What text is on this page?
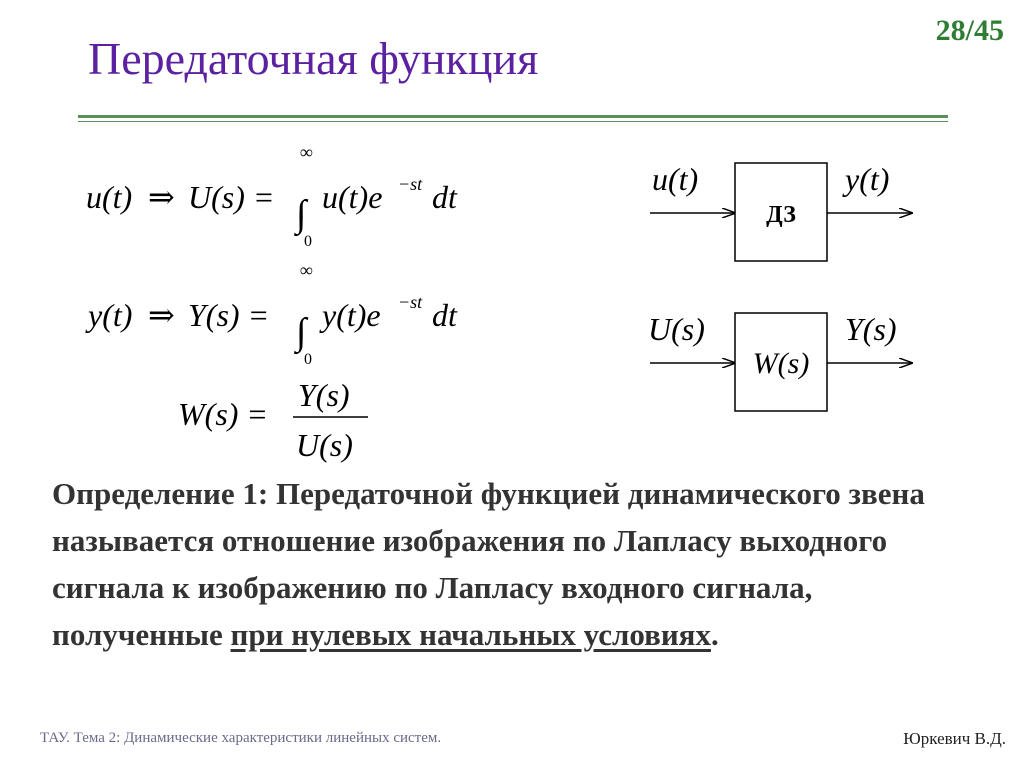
Передаточная функция
28/45
u(t) ⇒ U(s) =
∞
∫
0
u(t)e −st dt
y(t) ⇒ Y(s) =
∞
∫
0
y(t)e −st dt
W(s) =
Y(s)
U(s)
u(t)
ДЗ
y(t)
U(s)
W(s)
Y(s)

Определение 1: Передаточной функцией динамического звена называется отношение изображения по Лапласу выходного сигнала к изображению по Лапласу входного сигнала, полученные при нулевых начальных условиях.

ТАУ. Тема 2: Динамические характеристики линейных систем.	Юркевич В.Д.
